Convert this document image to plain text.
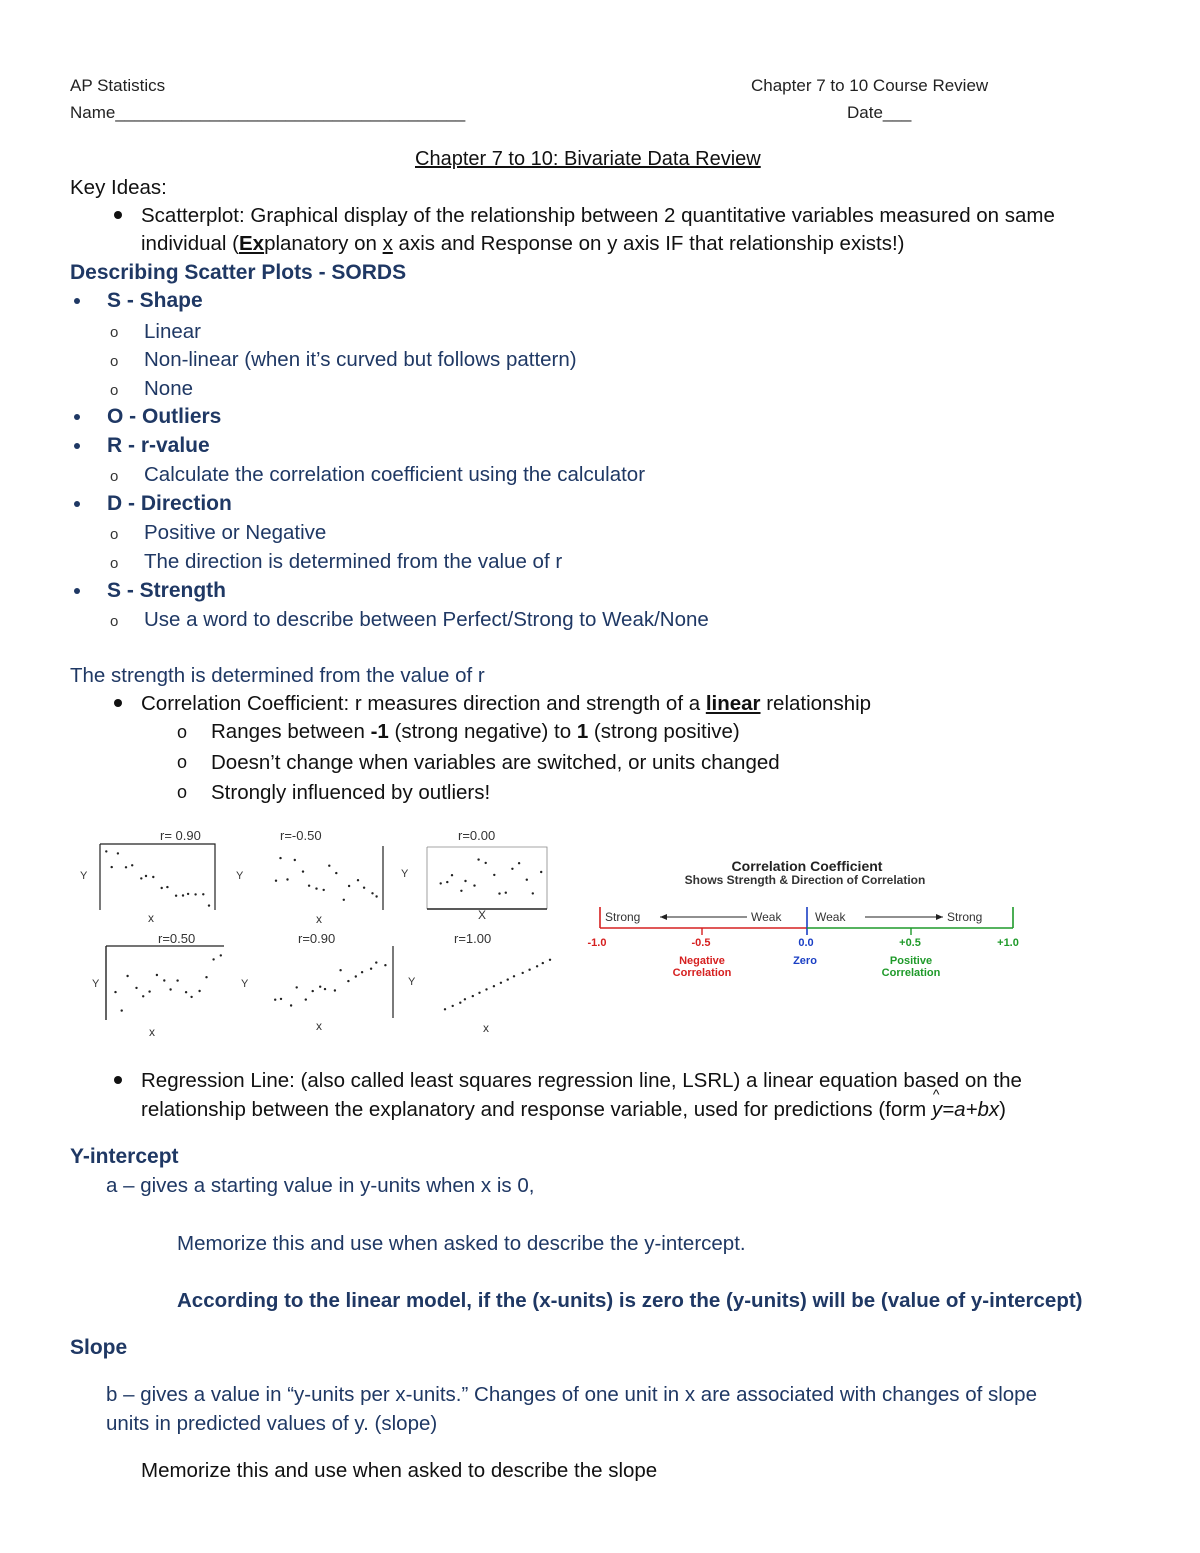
AP Statistics	Chapter 7 to 10 Course Review
Name_____________________________________	Date___
Chapter 7 to 10: Bivariate Data Review
Key Ideas:
Scatterplot: Graphical display of the relationship between 2 quantitative variables measured on same
individual (Explanatory on x axis and Response on y axis IF that relationship exists!)
Describing Scatter Plots - SORDS
S - Shape
o Linear
o Non-linear (when it’s curved but follows pattern)
o None
O - Outliers
R - r-value
o Calculate the correlation coefficient using the calculator
D - Direction
o Positive or Negative
o The direction is determined from the value of r
S - Strength
o Use a word to describe between Perfect/Strong to Weak/None
The strength is determined from the value of r
Correlation Coefficient: r measures direction and strength of a linear relationship
o Ranges between -1 (strong negative) to 1 (strong positive)
o Doesn’t change when variables are switched, or units changed
o Strongly influenced by outliers!
r= 0.90
Y
x
r=-0.50
Y
x
r=0.00
Y
X
r=0.50
Y
x
r=0.90
Y
x
r=1.00
Y
x
Correlation Coefficient
Shows Strength & Direction of Correlation
Strong	Weak	Weak	Strong
-1.0	-0.5	0.0	+0.5	+1.0
Negative
Correlation
Zero	Positive
Correlation
Regression Line: (also called least squares regression line, LSRL) a linear equation based on the
relationship between the explanatory and response variable, used for predictions (form ^ y=a+bx)
Y-intercept
a – gives a starting value in y-units when x is 0,
Memorize this and use when asked to describe the y-intercept.
According to the linear model, if the (x-units) is zero the (y-units) will be (value of y-intercept)
Slope
b – gives a value in “y-units per x-units.” Changes of one unit in x are associated with changes of slope
units in predicted values of y. (slope)
Memorize this and use when asked to describe the slope
